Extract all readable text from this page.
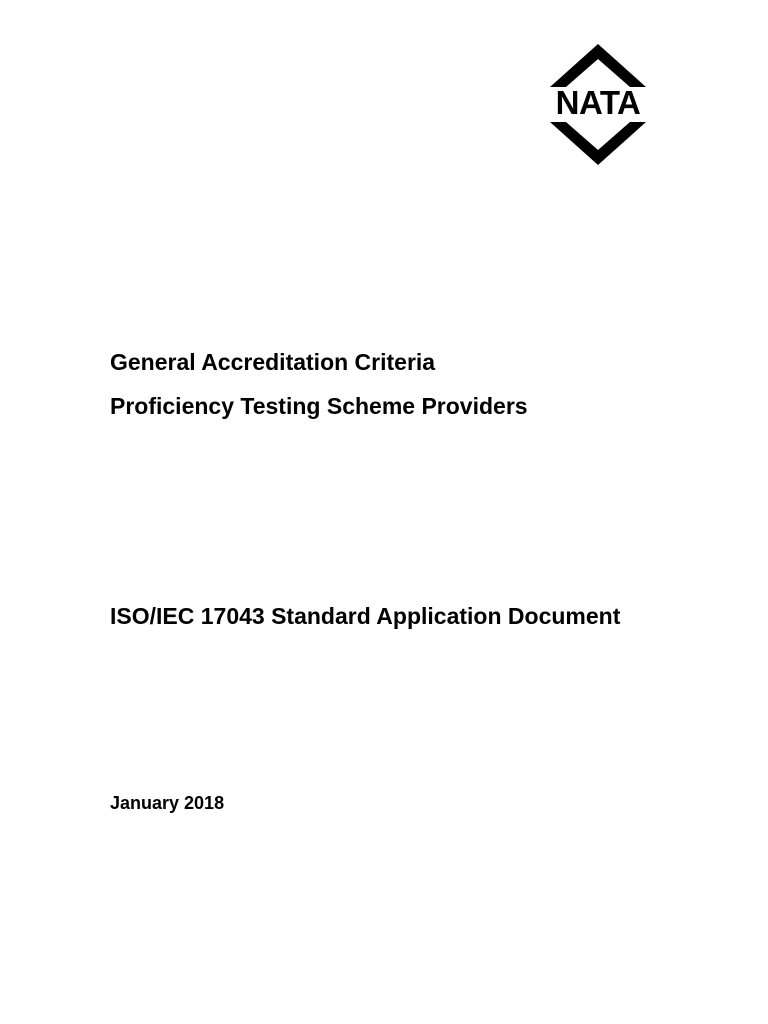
NATA
General Accreditation Criteria
Proficiency Testing Scheme Providers
ISO/IEC 17043 Standard Application Document
January 2018
